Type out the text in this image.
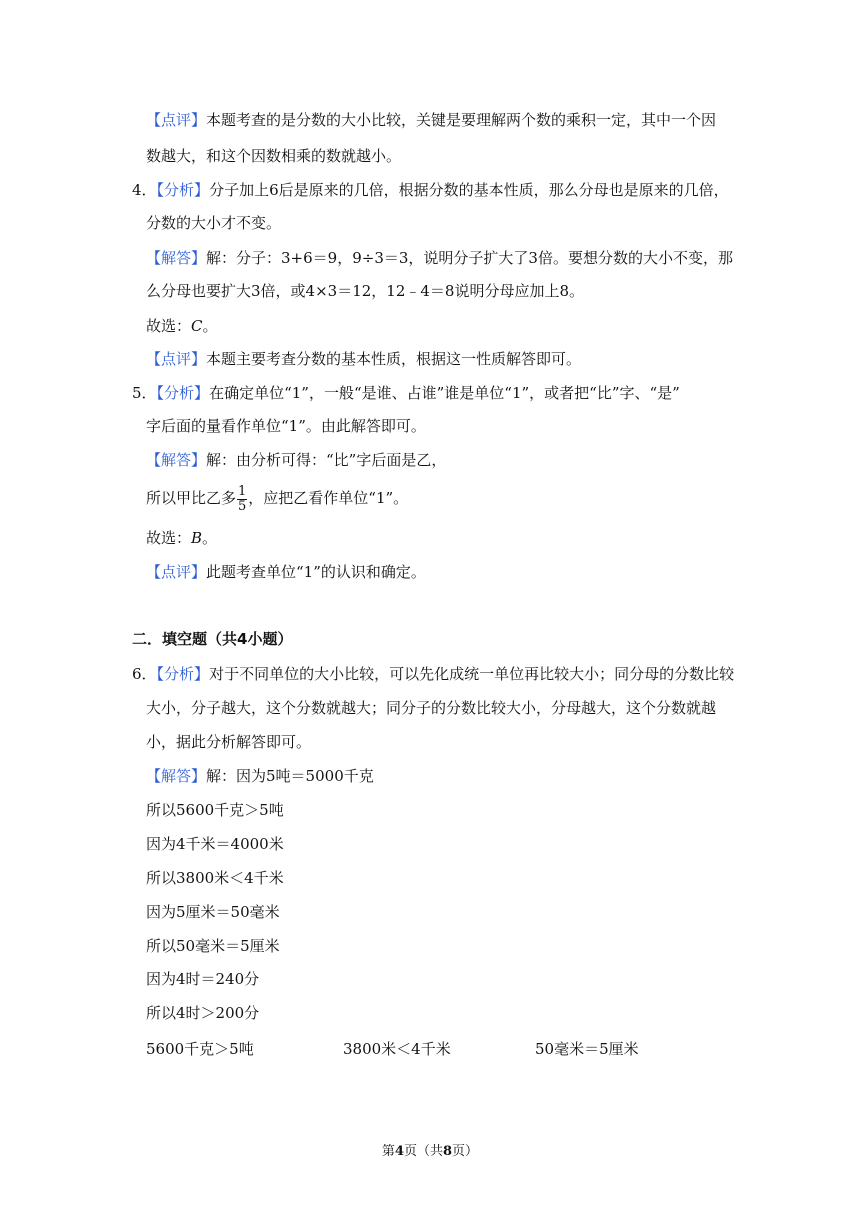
【点评】本题考查的是分数的大小比较，关键是要理解两个数的乘积一定，其中一个因
数越大，和这个因数相乘的数就越小。
4．【分析】分子加上6后是原来的几倍，根据分数的基本性质，那么分母也是原来的几倍，
分数的大小才不变。
【解答】解：分子：3+6＝9，9÷3＝3，说明分子扩大了3倍。要想分数的大小不变，那
么分母也要扩大3倍，或4×3＝12，12﹣4＝8说明分母应加上8。
故选：C。
【点评】本题主要考查分数的基本性质，根据这一性质解答即可。
5．【分析】在确定单位“1”，一般“是谁、占谁”谁是单位“1”，或者把“比”字、“是”
字后面的量看作单位“1”。由此解答即可。
【解答】解：由分析可得：“比”字后面是乙，
所以甲比乙多 $\frac{1}{5}$ ，应把乙看作单位“1”。
故选：B。
【点评】此题考查单位“1”的认识和确定。
二．填空题（共4小题）
6．【分析】对于不同单位的大小比较，可以先化成统一单位再比较大小；同分母的分数比较
大小，分子越大，这个分数就越大；同分子的分数比较大小，分母越大，这个分数就越
小，据此分析解答即可。
【解答】解：因为5吨＝5000千克
所以5600千克＞5吨
因为4千米＝4000米
所以3800米＜4千米
因为5厘米＝50毫米
所以50毫米＝5厘米
因为4时＝240分
所以4时＞200分
5600千克＞5吨	3800米＜4千米	50毫米＝5厘米
第4页（共8页）
